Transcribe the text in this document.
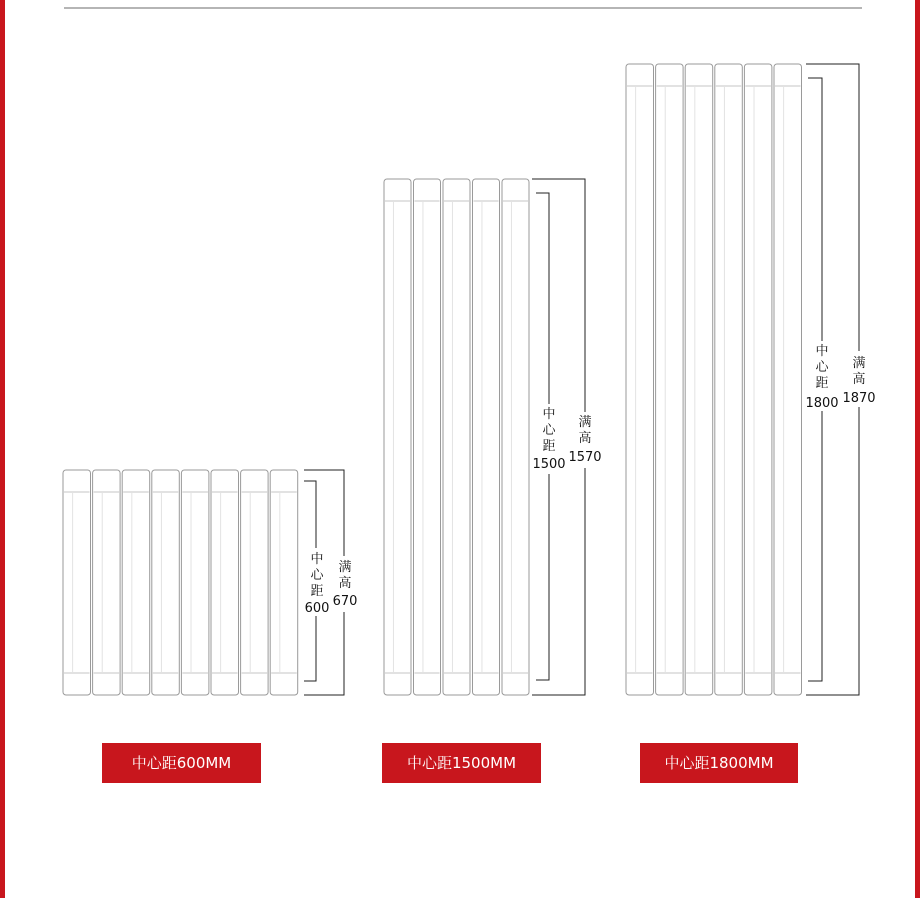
中
心
距
600
满
高
670
中
心
距
1500
满
高
1570
中
心
距
1800
满
高
1870
中心距600MM	中心距1500MM	中心距1800MM
